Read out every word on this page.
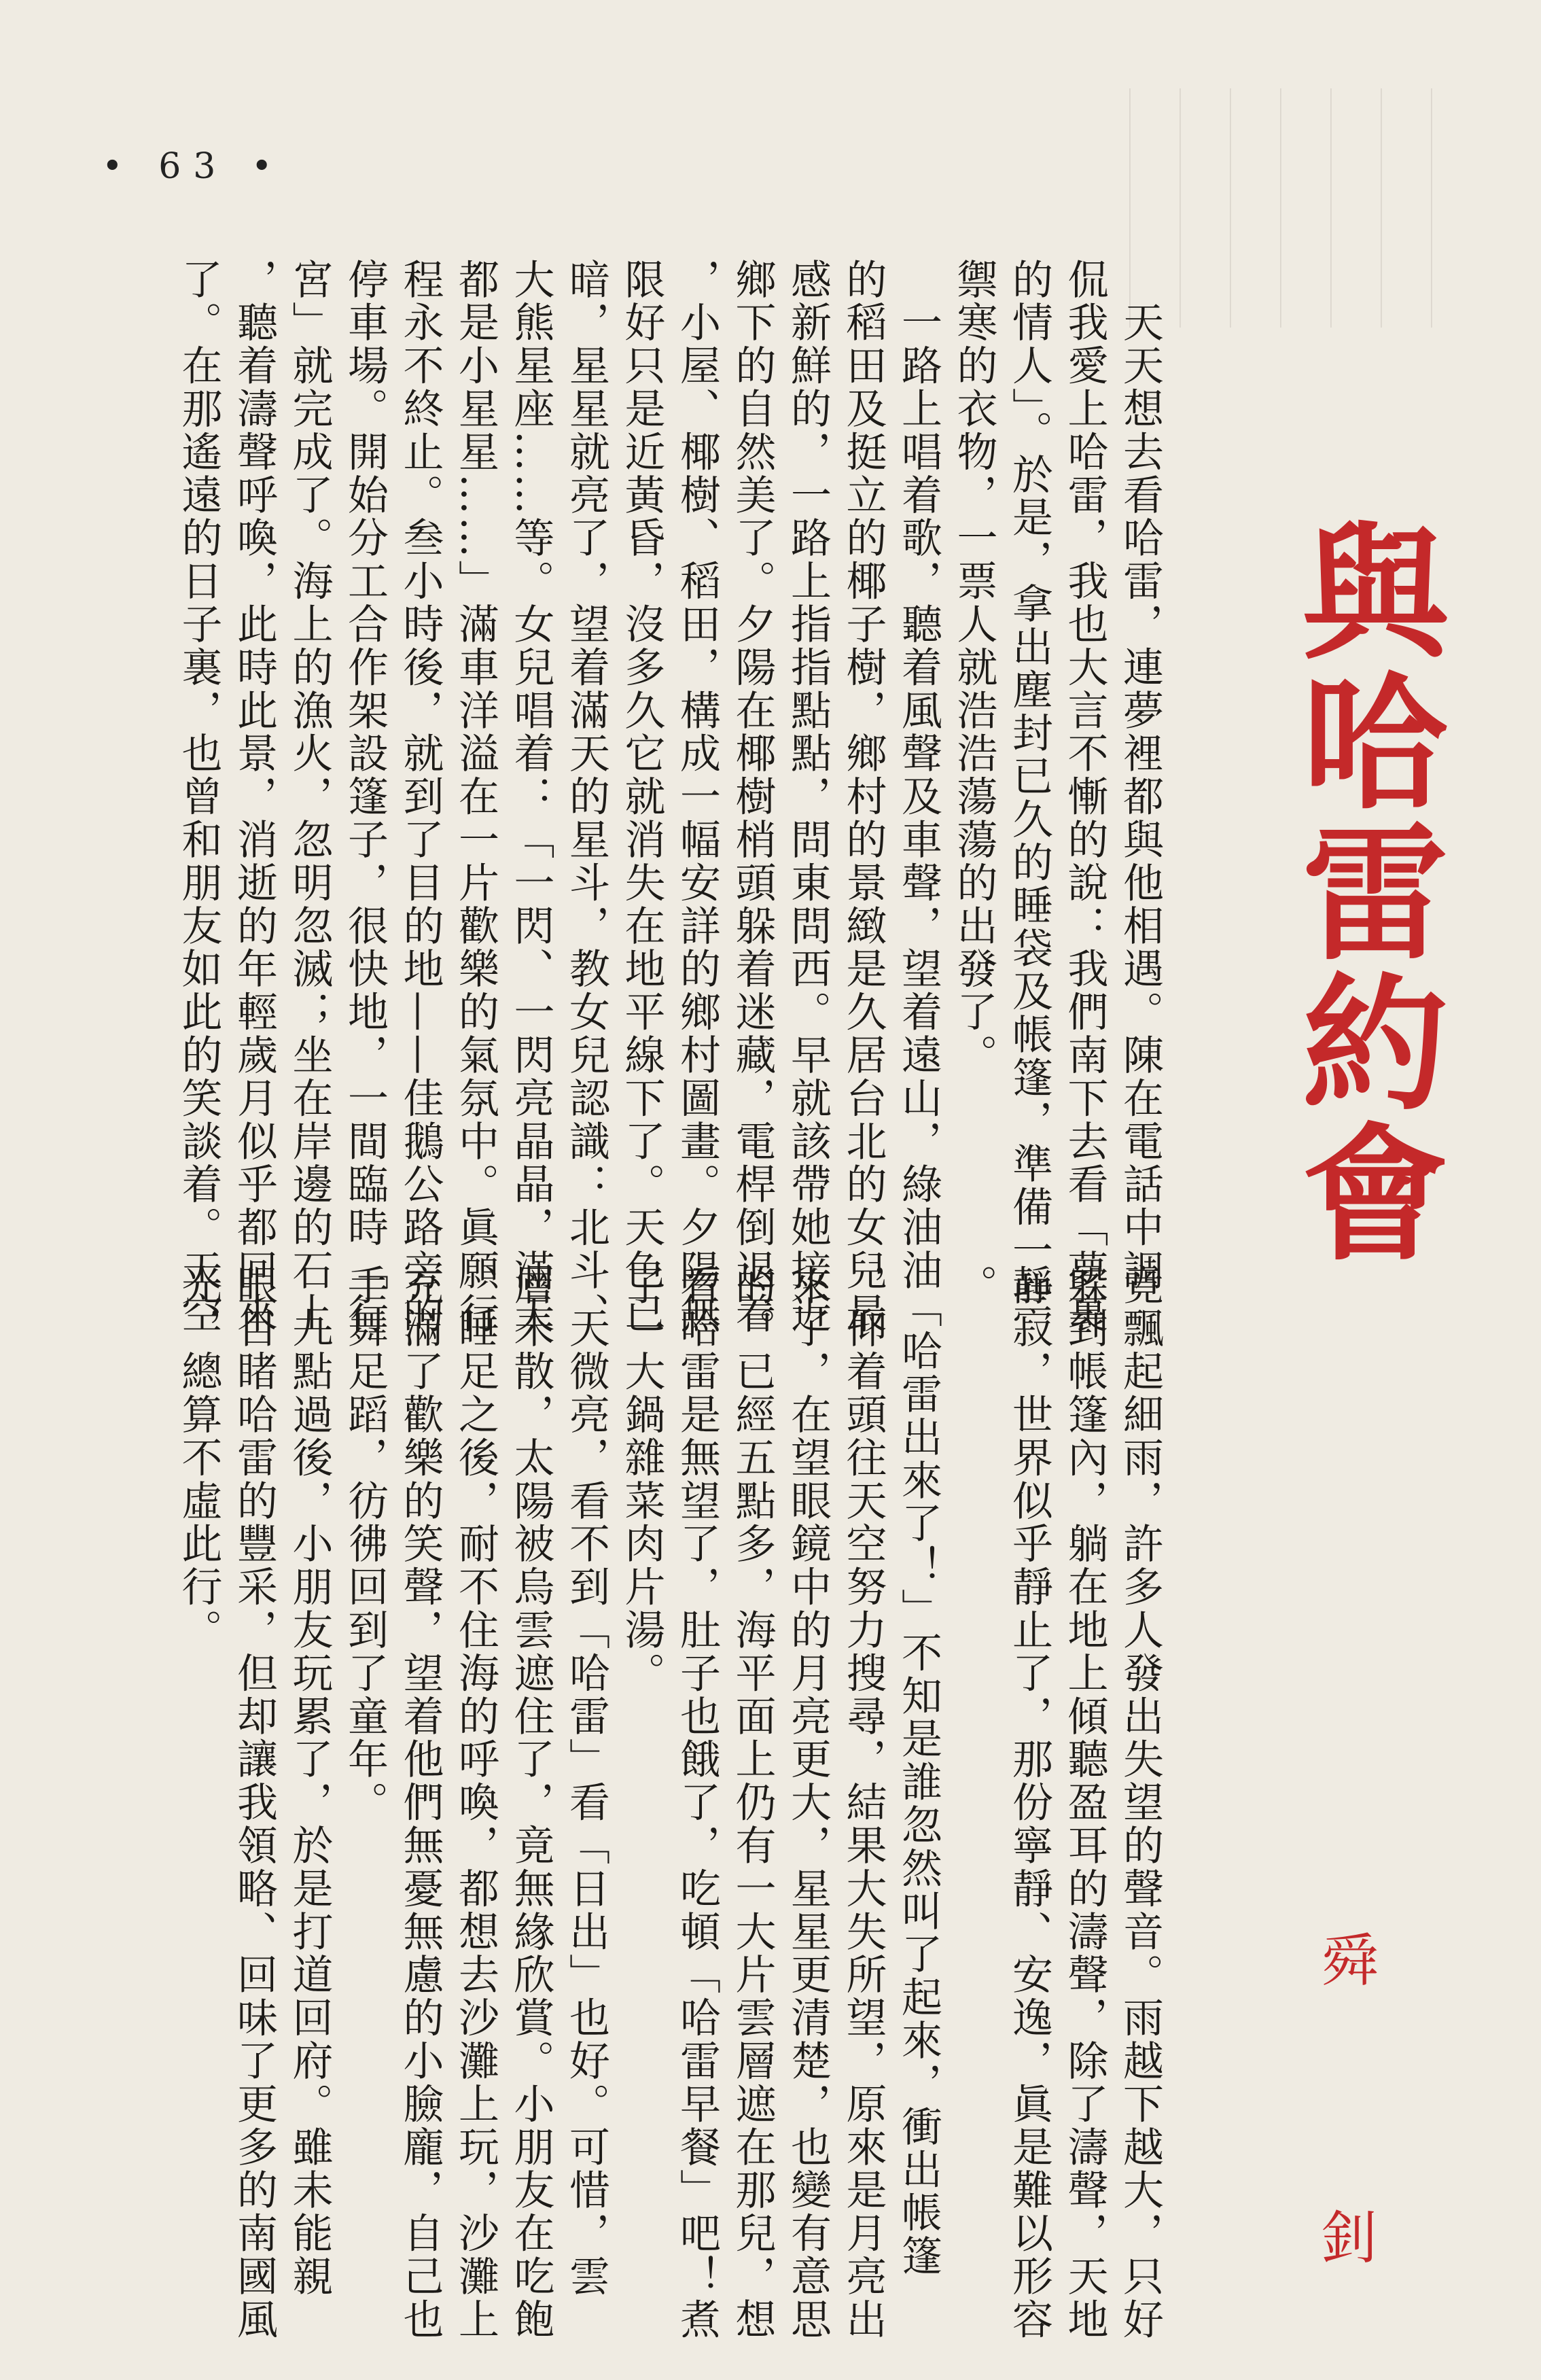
＿＿＿＿＿＿＿＿
＿＿＿＿＿＿＿＿
＿＿＿＿＿＿＿＿
＿＿＿＿＿＿＿＿
＿＿＿＿＿＿＿＿
＿＿＿＿＿＿＿＿
＿＿＿＿＿＿＿＿
• 63 •
與哈雷約會
舜　釗
　天天想去看哈雷，連夢裡都與他相遇。陳在電話中調
侃我愛上哈雷，我也大言不慚的說：我們南下去看「夢裏
的情人」。於是，拿出塵封已久的睡袋及帳篷，準備一些
禦寒的衣物，一票人就浩浩蕩蕩的出發了。
　一路上唱着歌，聽着風聲及車聲，望着遠山，綠油油
的稻田及挺立的椰子樹，鄉村的景緻是久居台北的女兒最
感新鮮的，一路上指指點點，問東問西。早就該帶她接近
鄉下的自然美了。夕陽在椰樹梢頭躲着迷藏，電桿倒退着
，小屋、椰樹、稻田，構成一幅安詳的鄉村圖畫。夕陽無
限好只是近黃昏，沒多久它就消失在地平線下了。天色已
暗，星星就亮了，望着滿天的星斗，教女兒認識：北斗、
大熊星座……等。女兒唱着：「一閃、一閃亮晶晶，滿天
都是小星星……」滿車洋溢在一片歡樂的氣氛中。眞願行
程永不終止。叁小時後，就到了目的地——佳鵝公路旁的
停車場。開始分工合作架設篷子，很快地，一間臨時「行
宮」就完成了。海上的漁火，忽明忽滅；坐在岸邊的石上
，聽着濤聲呼喚，此時此景，消逝的年輕歲月似乎都回來
了。在那遙遠的日子裏，也曾和朋友如此的笑談着。天空
竟飄起細雨，許多人發出失望的聲音。雨越下越大，只好
躲到帳篷內，躺在地上傾聽盈耳的濤聲，除了濤聲，天地
靜寂，世界似乎靜止了，那份寧靜、安逸，眞是難以形容
。
　「哈雷出來了！」不知是誰忽然叫了起來，衝出帳篷
，仰着頭往天空努力搜尋，結果大失所望，原來是月亮出
來了，在望眼鏡中的月亮更大，星星更清楚，也變有意思
的。已經五點多，海平面上仍有一大片雲層遮在那兒，想
看哈雷是無望了，肚子也餓了，吃頓「哈雷早餐」吧！煮
了一大鍋雜菜肉片湯。
　天微亮，看不到「哈雷」看「日出」也好。可惜，雲
層未散，太陽被烏雲遮住了，竟無緣欣賞。小朋友在吃飽
、睡足之後，耐不住海的呼喚，都想去沙灘上玩，沙灘上
充滿了歡樂的笑聲，望着他們無憂無慮的小臉龐，自己也
手舞足蹈，彷彿回到了童年。
　九點過後，小朋友玩累了，於是打道回府。雖未能親
眼目睹哈雷的豐采，但却讓我領略、回味了更多的南國風
光，總算不虛此行。
